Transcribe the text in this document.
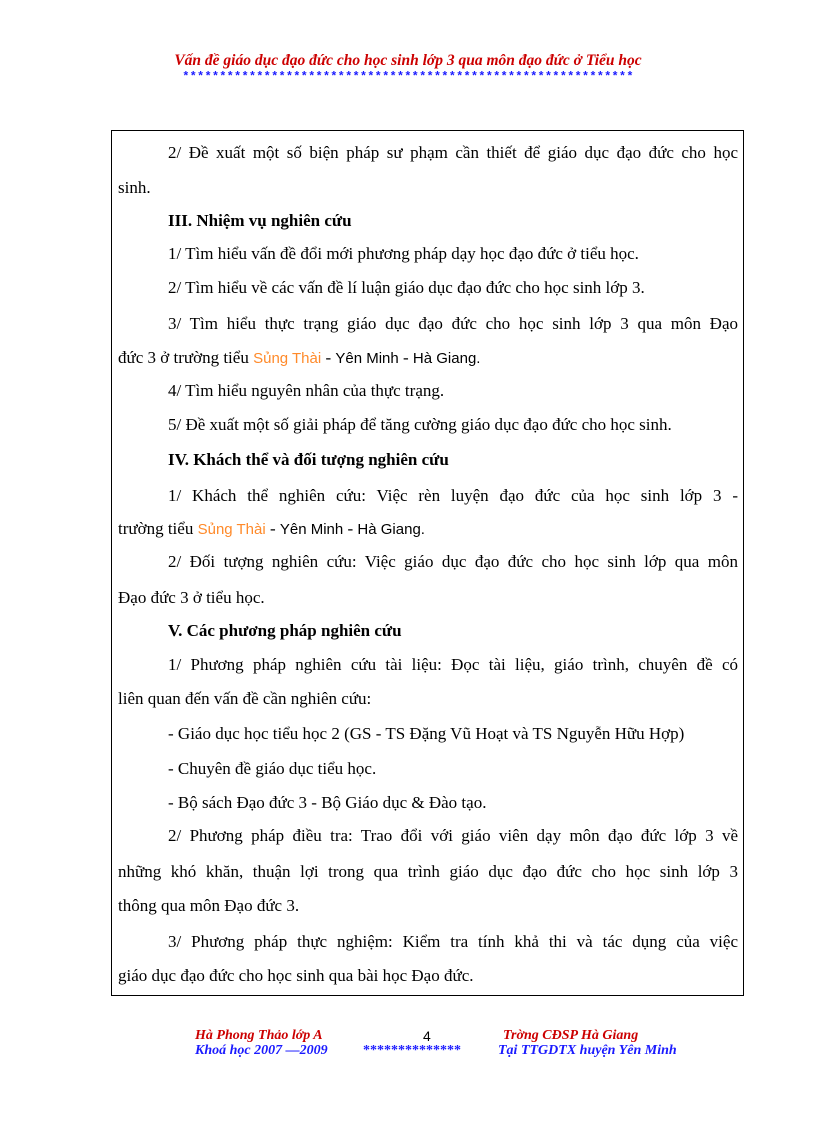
Vấn đề giáo dục đạo đức cho học sinh lớp 3 qua môn đạo đức ở Tiểu học
*************************************************************
2/ Đề xuất một số biện pháp sư phạm cần thiết để giáo dục đạo đức cho học
sinh.
III. Nhiệm vụ nghiên cứu
1/ Tìm hiểu vấn đề đổi mới phương pháp dạy học đạo đức ở tiểu học.
2/ Tìm hiểu về các vấn đề lí luận giáo dục đạo đức cho học sinh lớp 3.
3/ Tìm hiểu thực trạng giáo dục đạo đức cho học sinh lớp 3 qua môn Đạo
đức 3 ở trường tiểu Sủng Thài - Yên Minh - Hà Giang.
4/ Tìm hiểu nguyên nhân của thực trạng.
5/ Đề xuất một số giải pháp để tăng cường giáo dục đạo đức cho học sinh.
IV. Khách thể và đối tượng nghiên cứu
1/ Khách thể nghiên cứu: Việc rèn luyện đạo đức của học sinh lớp 3 -
trường tiểu Sủng Thài - Yên Minh - Hà Giang.
2/ Đối tượng nghiên cứu: Việc giáo dục đạo đức cho học sinh lớp qua môn
Đạo đức 3 ở tiểu học.
V. Các phương pháp nghiên cứu
1/ Phương pháp nghiên cứu tài liệu: Đọc tài liệu, giáo trình, chuyên đề có
liên quan đến vấn đề cần nghiên cứu:
- Giáo dục học tiểu học 2 (GS - TS Đặng Vũ Hoạt và TS Nguyễn Hữu Hợp)
- Chuyên đề giáo dục tiểu học.
- Bộ sách Đạo đức 3 - Bộ Giáo dục & Đào tạo.
2/ Phương pháp điều tra: Trao đổi với giáo viên dạy môn đạo đức lớp 3 về
những khó khăn, thuận lợi trong qua trình giáo dục đạo đức cho học sinh lớp 3
thông qua môn Đạo đức 3.
3/ Phương pháp thực nghiệm: Kiểm tra tính khả thi và tác dụng của việc
giáo dục đạo đức cho học sinh qua bài học Đạo đức.
Hà Phong Thảo lớp A	4	Trờng CĐSP Hà Giang
Khoá học 2007 —2009	**************	Tại TTGDTX huyện Yên Minh
